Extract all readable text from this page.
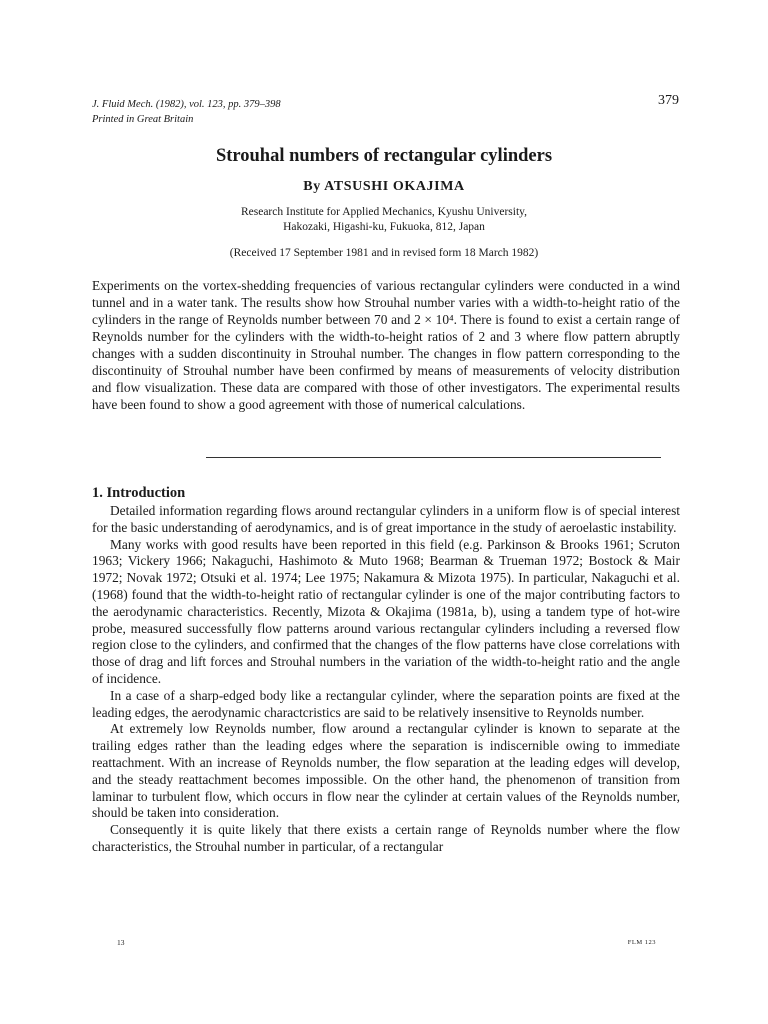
J. Fluid Mech. (1982), vol. 123, pp. 379–398
Printed in Great Britain
379
Strouhal numbers of rectangular cylinders
By ATSUSHI OKAJIMA
Research Institute for Applied Mechanics, Kyushu University,
Hakozaki, Higashi-ku, Fukuoka, 812, Japan
(Received 17 September 1981 and in revised form 18 March 1982)

Experiments on the vortex-shedding frequencies of various rectangular cylinders were conducted in a wind tunnel and in a water tank. The results show how Strouhal number varies with a width-to-height ratio of the cylinders in the range of Reynolds number between 70 and 2 × 10⁴. There is found to exist a certain range of Reynolds number for the cylinders with the width-to-height ratios of 2 and 3 where flow pattern abruptly changes with a sudden discontinuity in Strouhal number. The changes in flow pattern corresponding to the discontinuity of Strouhal number have been confirmed by means of measurements of velocity distribution and flow visualization. These data are compared with those of other investigators. The experimental results have been found to show a good agreement with those of numerical calculations.

1. Introduction

Detailed information regarding flows around rectangular cylinders in a uniform flow is of special interest for the basic understanding of aerodynamics, and is of great importance in the study of aeroelastic instability.

Many works with good results have been reported in this field (e.g. Parkinson & Brooks 1961; Scruton 1963; Vickery 1966; Nakaguchi, Hashimoto & Muto 1968; Bearman & Trueman 1972; Bostock & Mair 1972; Novak 1972; Otsuki et al. 1974; Lee 1975; Nakamura & Mizota 1975). In particular, Nakaguchi et al. (1968) found that the width-to-height ratio of rectangular cylinder is one of the major contributing factors to the aerodynamic characteristics. Recently, Mizota & Okajima (1981a, b), using a tandem type of hot-wire probe, measured successfully flow patterns around various rectangular cylinders including a reversed flow region close to the cylinders, and confirmed that the changes of the flow patterns have close correlations with those of drag and lift forces and Strouhal numbers in the variation of the width-to-height ratio and the angle of incidence.

In a case of a sharp-edged body like a rectangular cylinder, where the separation points are fixed at the leading edges, the aerodynamic charactcristics are said to be relatively insensitive to Reynolds number.

At extremely low Reynolds number, flow around a rectangular cylinder is known to separate at the trailing edges rather than the leading edges where the separation is indiscernible owing to immediate reattachment. With an increase of Reynolds number, the flow separation at the leading edges will develop, and the steady reattachment becomes impossible. On the other hand, the phenomenon of transition from laminar to turbulent flow, which occurs in flow near the cylinder at certain values of the Reynolds number, should be taken into consideration.

Consequently it is quite likely that there exists a certain range of Reynolds number where the flow characteristics, the Strouhal number in particular, of a rectangular

13	FLM 123
